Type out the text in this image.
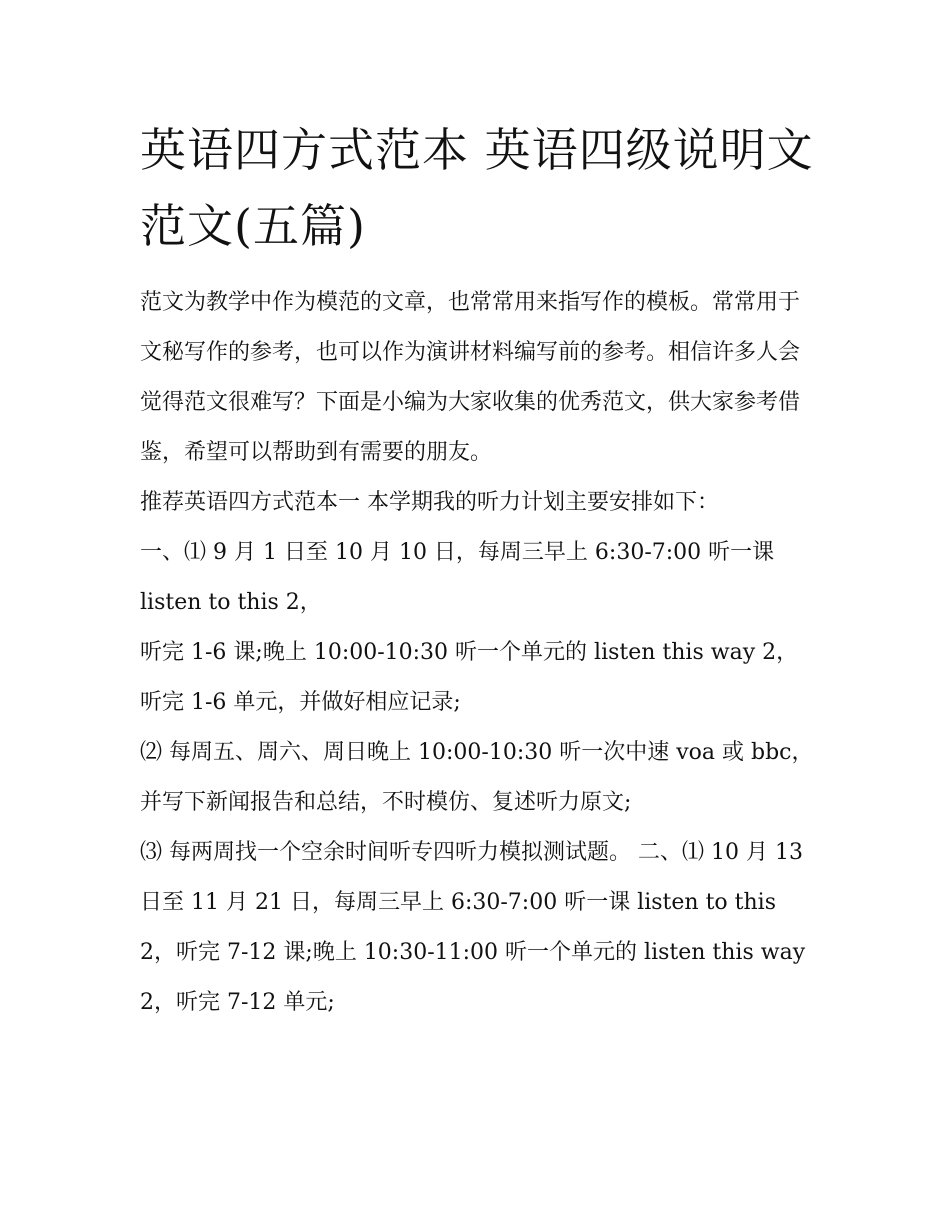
英语四方式范本 英语四级说明文范文(五篇)

范文为教学中作为模范的文章，也常常用来指写作的模板。常常用于文秘写作的参考，也可以作为演讲材料编写前的参考。相信许多人会觉得范文很难写？下面是小编为大家收集的优秀范文，供大家参考借鉴，希望可以帮助到有需要的朋友。

推荐英语四方式范本一 本学期我的听力计划主要安排如下：

一、⑴ 9 月 1 日至 10 月 10 日，每周三早上 6:30-7:00 听一课 listen to this 2，

听完 1-6 课;晚上 10:00-10:30 听一个单元的 listen this way 2，听完 1-6 单元，并做好相应记录;

⑵ 每周五、周六、周日晚上 10:00-10:30 听一次中速 voa 或 bbc，并写下新闻报告和总结，不时模仿、复述听力原文;

⑶ 每两周找一个空余时间听专四听力模拟测试题。 二、⑴ 10 月 13 日至 11 月 21 日，每周三早上 6:30-7:00 听一课 listen to this

2，听完 7-12 课;晚上 10:30-11:00 听一个单元的 listen this way 2，听完 7-12 单元;
